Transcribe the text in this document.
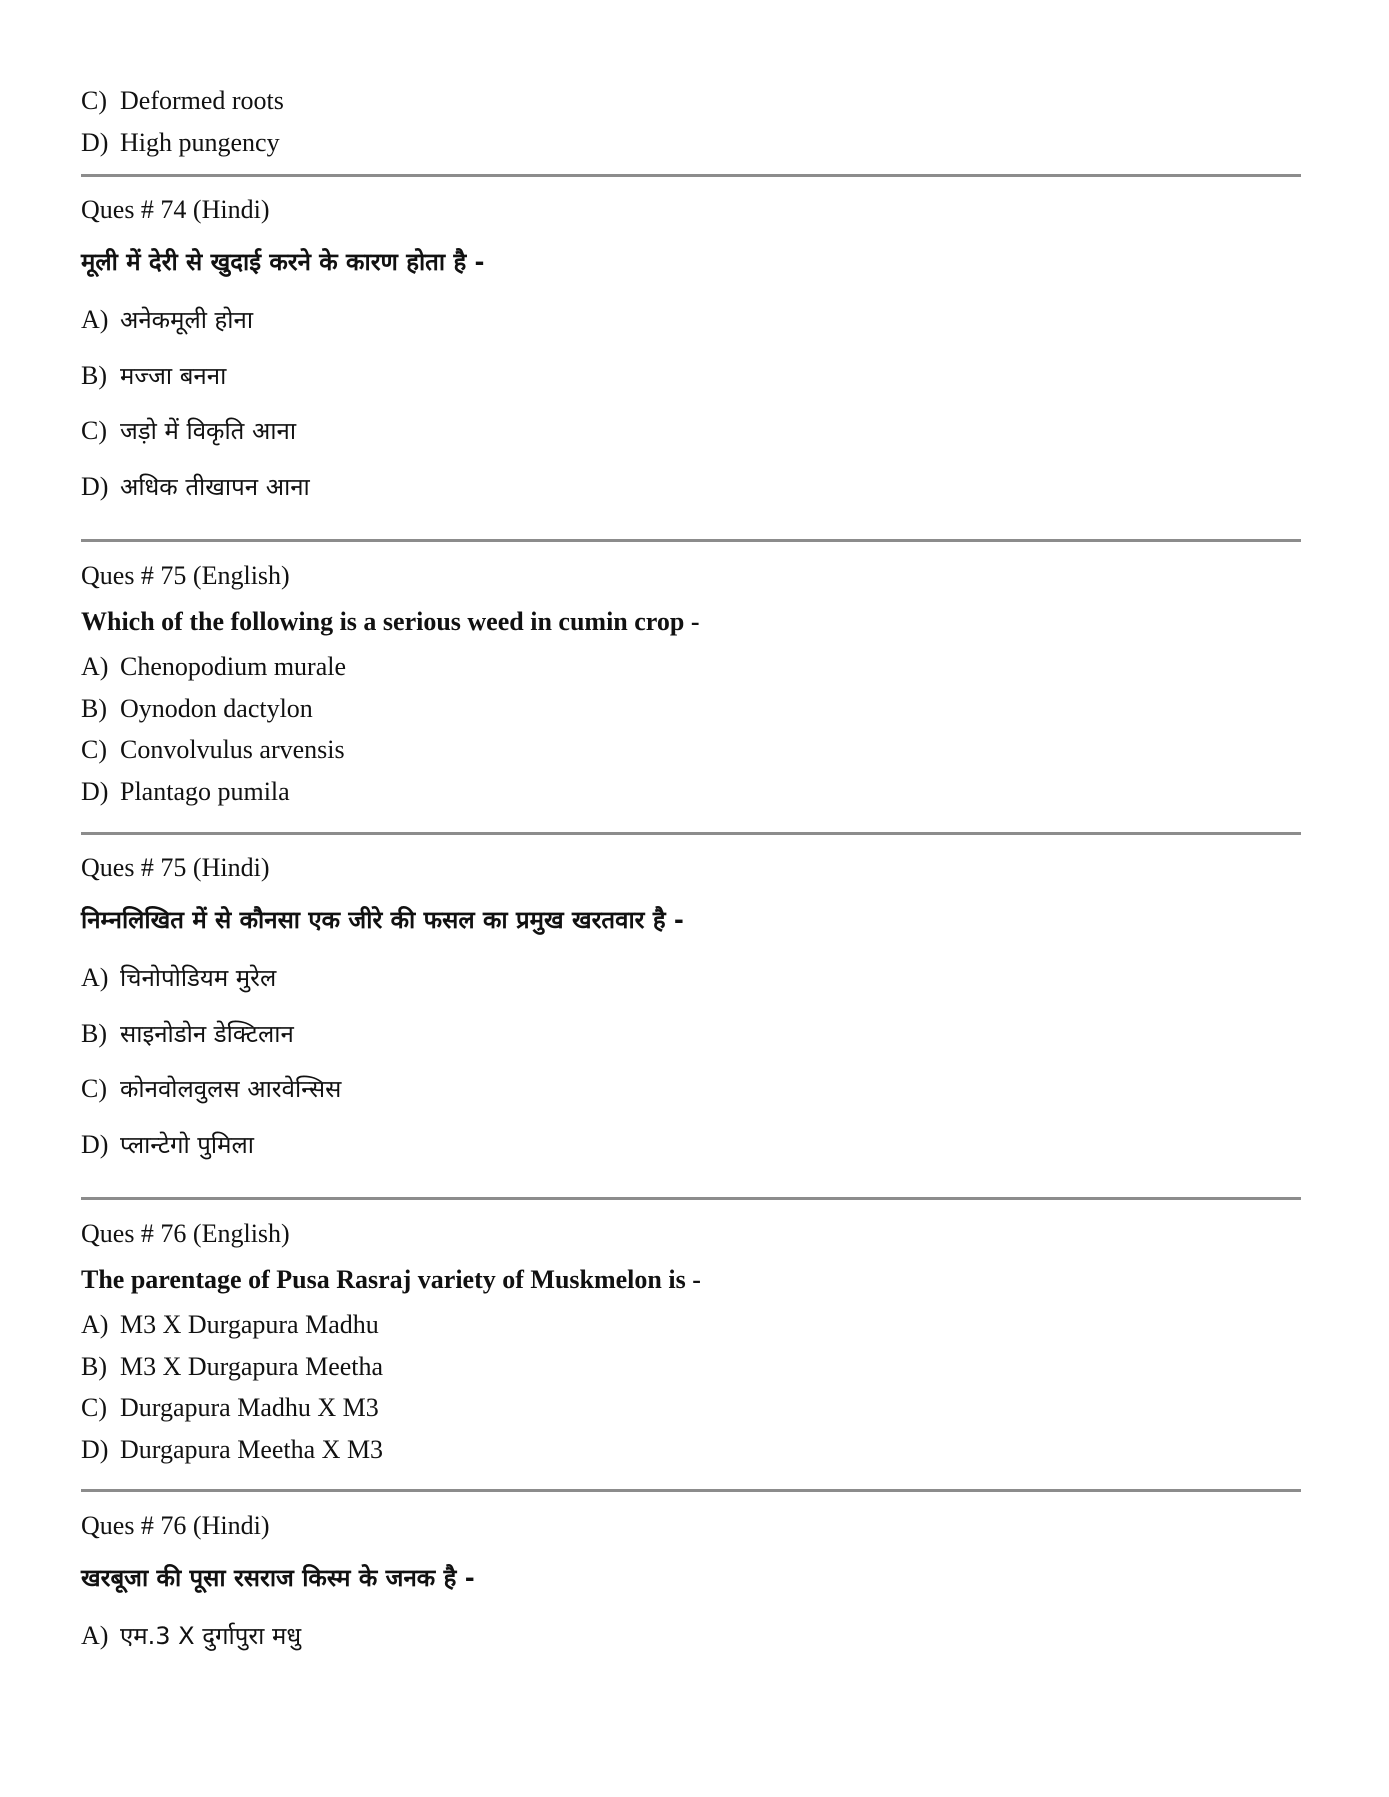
C) Deformed roots
D) High pungency
Ques # 74 (Hindi)
मूली में देरी से खुदाई करने के कारण होता है -
A) अनेकमूली होना
B) मज्जा बनना
C) जड़ो में विकृति आना
D) अधिक तीखापन आना
Ques # 75 (English)
Which of the following is a serious weed in cumin crop -
A) Chenopodium murale
B) Oynodon dactylon
C) Convolvulus arvensis
D) Plantago pumila
Ques # 75 (Hindi)
निम्नलिखित में से कौनसा एक जीरे की फसल का प्रमुख खरतवार है -
A) चिनोपोडियम मुरेल
B) साइनोडोन डेक्टिलान
C) कोनवोलवुलस आरवेन्सिस
D) प्लान्टेगो पुमिला
Ques # 76 (English)
The parentage of Pusa Rasraj variety of Muskmelon is -
A) M3 X Durgapura Madhu
B) M3 X Durgapura Meetha
C) Durgapura Madhu X M3
D) Durgapura Meetha X M3
Ques # 76 (Hindi)
खरबूजा की पूसा रसराज किस्म के जनक है -
A) एम.3 X दुर्गापुरा मधु
